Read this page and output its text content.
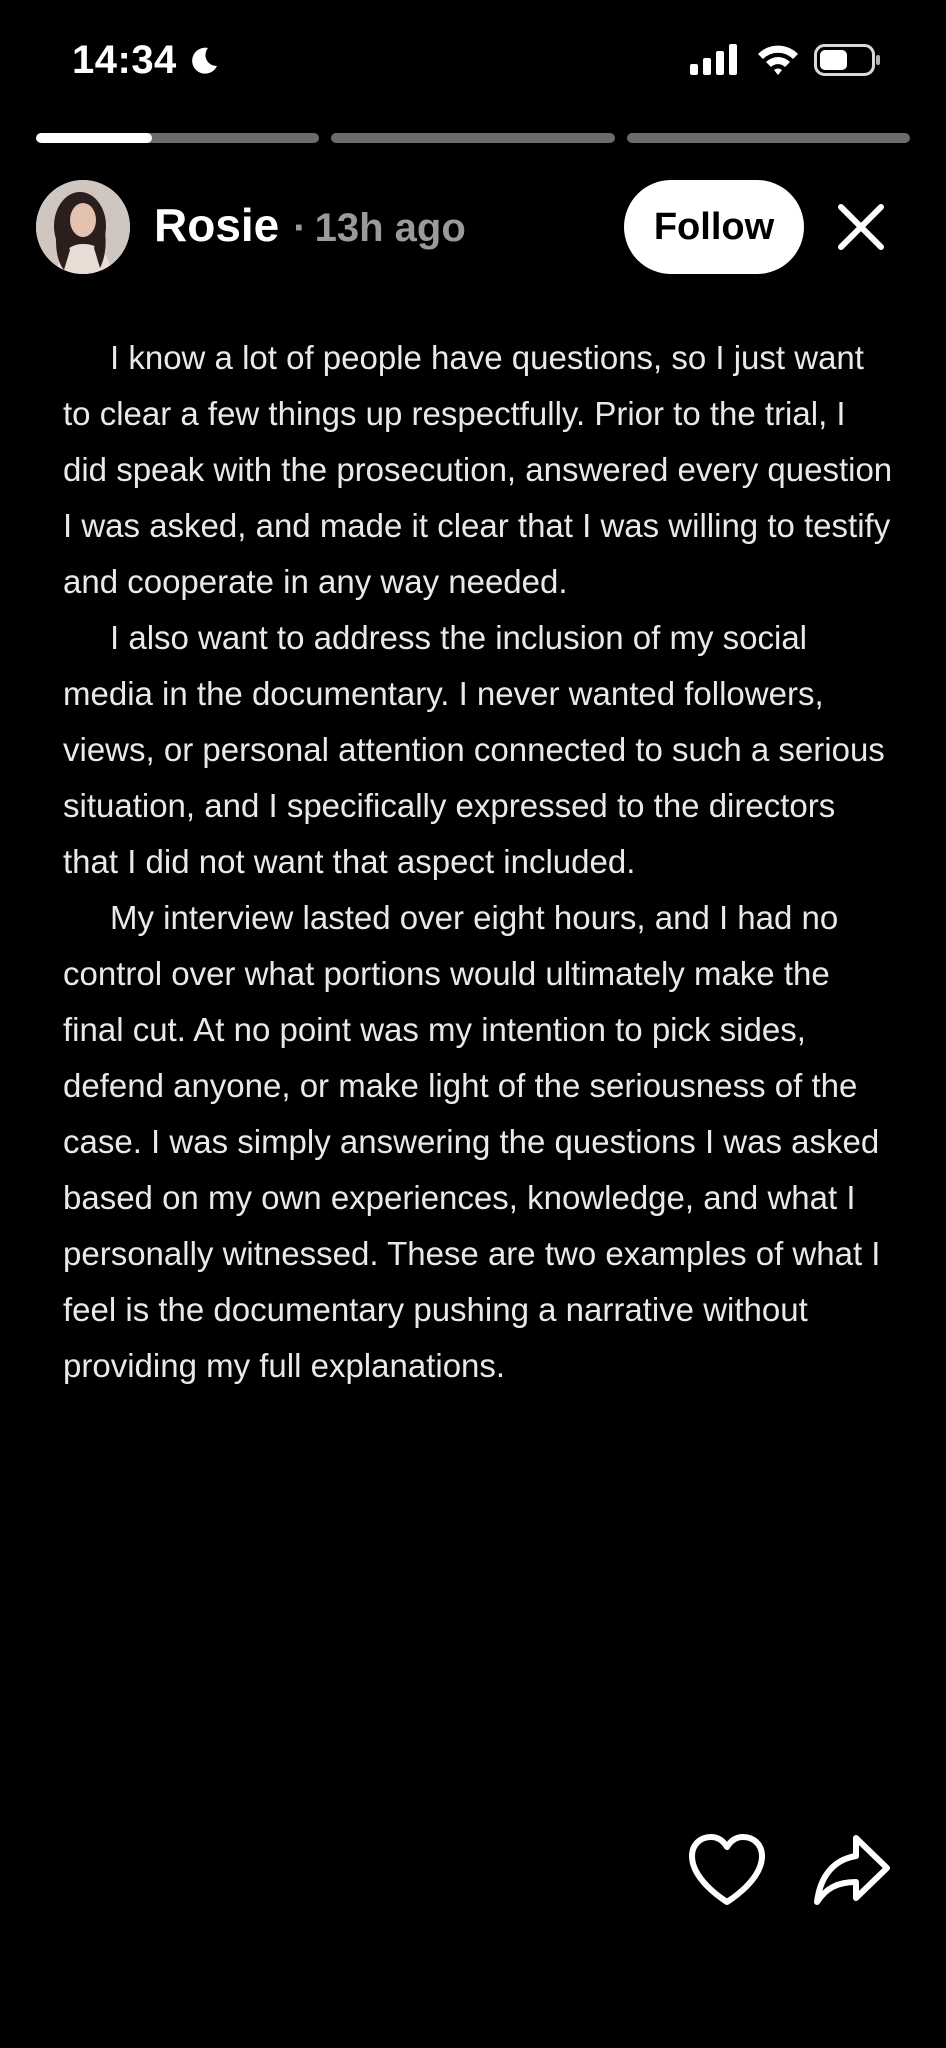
14:34
Rosie · 13h ago	Follow

I know a lot of people have questions, so I just want to clear a few things up respectfully. Prior to the trial, I did speak with the prosecution, answered every question I was asked, and made it clear that I was willing to testify and cooperate in any way needed.

I also want to address the inclusion of my social media in the documentary. I never wanted followers, views, or personal attention connected to such a serious situation, and I specifically expressed to the directors that I did not want that aspect included.

My interview lasted over eight hours, and I had no control over what portions would ultimately make the final cut. At no point was my intention to pick sides, defend anyone, or make light of the seriousness of the case. I was simply answering the questions I was asked based on my own experiences, knowledge, and what I personally witnessed. These are two examples of what I feel is the documentary pushing a narrative without providing my full explanations.
